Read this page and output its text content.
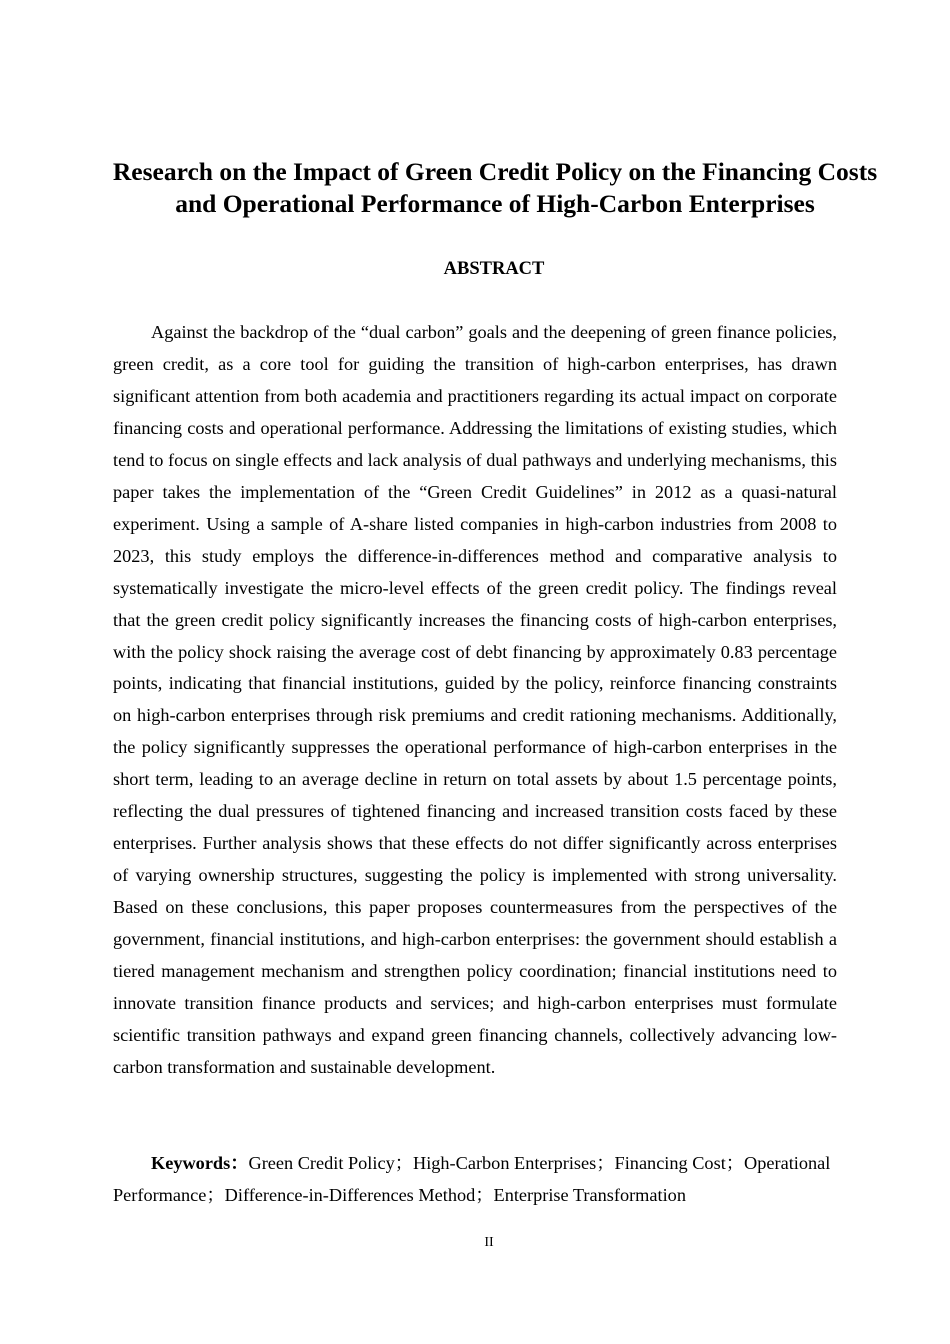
Research on the Impact of Green Credit Policy on the Financing Costs and Operational Performance of High-Carbon Enterprises
ABSTRACT

Against the backdrop of the “dual carbon” goals and the deepening of green finance policies, green credit, as a core tool for guiding the transition of high-carbon enterprises, has drawn significant attention from both academia and practitioners regarding its actual impact on corporate financing costs and operational performance. Addressing the limitations of existing studies, which tend to focus on single effects and lack analysis of dual pathways and underlying mechanisms, this paper takes the implementation of the “Green Credit Guidelines” in 2012 as a quasi-natural experiment. Using a sample of A-share listed companies in high-carbon industries from 2008 to 2023, this study employs the difference-in-differences method and comparative analysis to systematically investigate the micro-level effects of the green credit policy. The findings reveal that the green credit policy significantly increases the financing costs of high-carbon enterprises, with the policy shock raising the average cost of debt financing by approximately 0.83 percentage points, indicating that financial institutions, guided by the policy, reinforce financing constraints on high-carbon enterprises through risk premiums and credit rationing mechanisms. Additionally, the policy significantly suppresses the operational performance of high-carbon enterprises in the short term, leading to an average decline in return on total assets by about 1.5 percentage points, reflecting the dual pressures of tightened financing and increased transition costs faced by these enterprises. Further analysis shows that these effects do not differ significantly across enterprises of varying ownership structures, suggesting the policy is implemented with strong universality. Based on these conclusions, this paper proposes countermeasures from the perspectives of the government, financial institutions, and high-carbon enterprises: the government should establish a tiered management mechanism and strengthen policy coordination; financial institutions need to innovate transition finance products and services; and high-carbon enterprises must formulate scientific transition pathways and expand green financing channels, collectively advancing low-carbon transformation and sustainable development.

Keywords：Green Credit Policy；High-Carbon Enterprises；Financing Cost；Operational Performance；Difference-in-Differences Method；Enterprise Transformation

II
